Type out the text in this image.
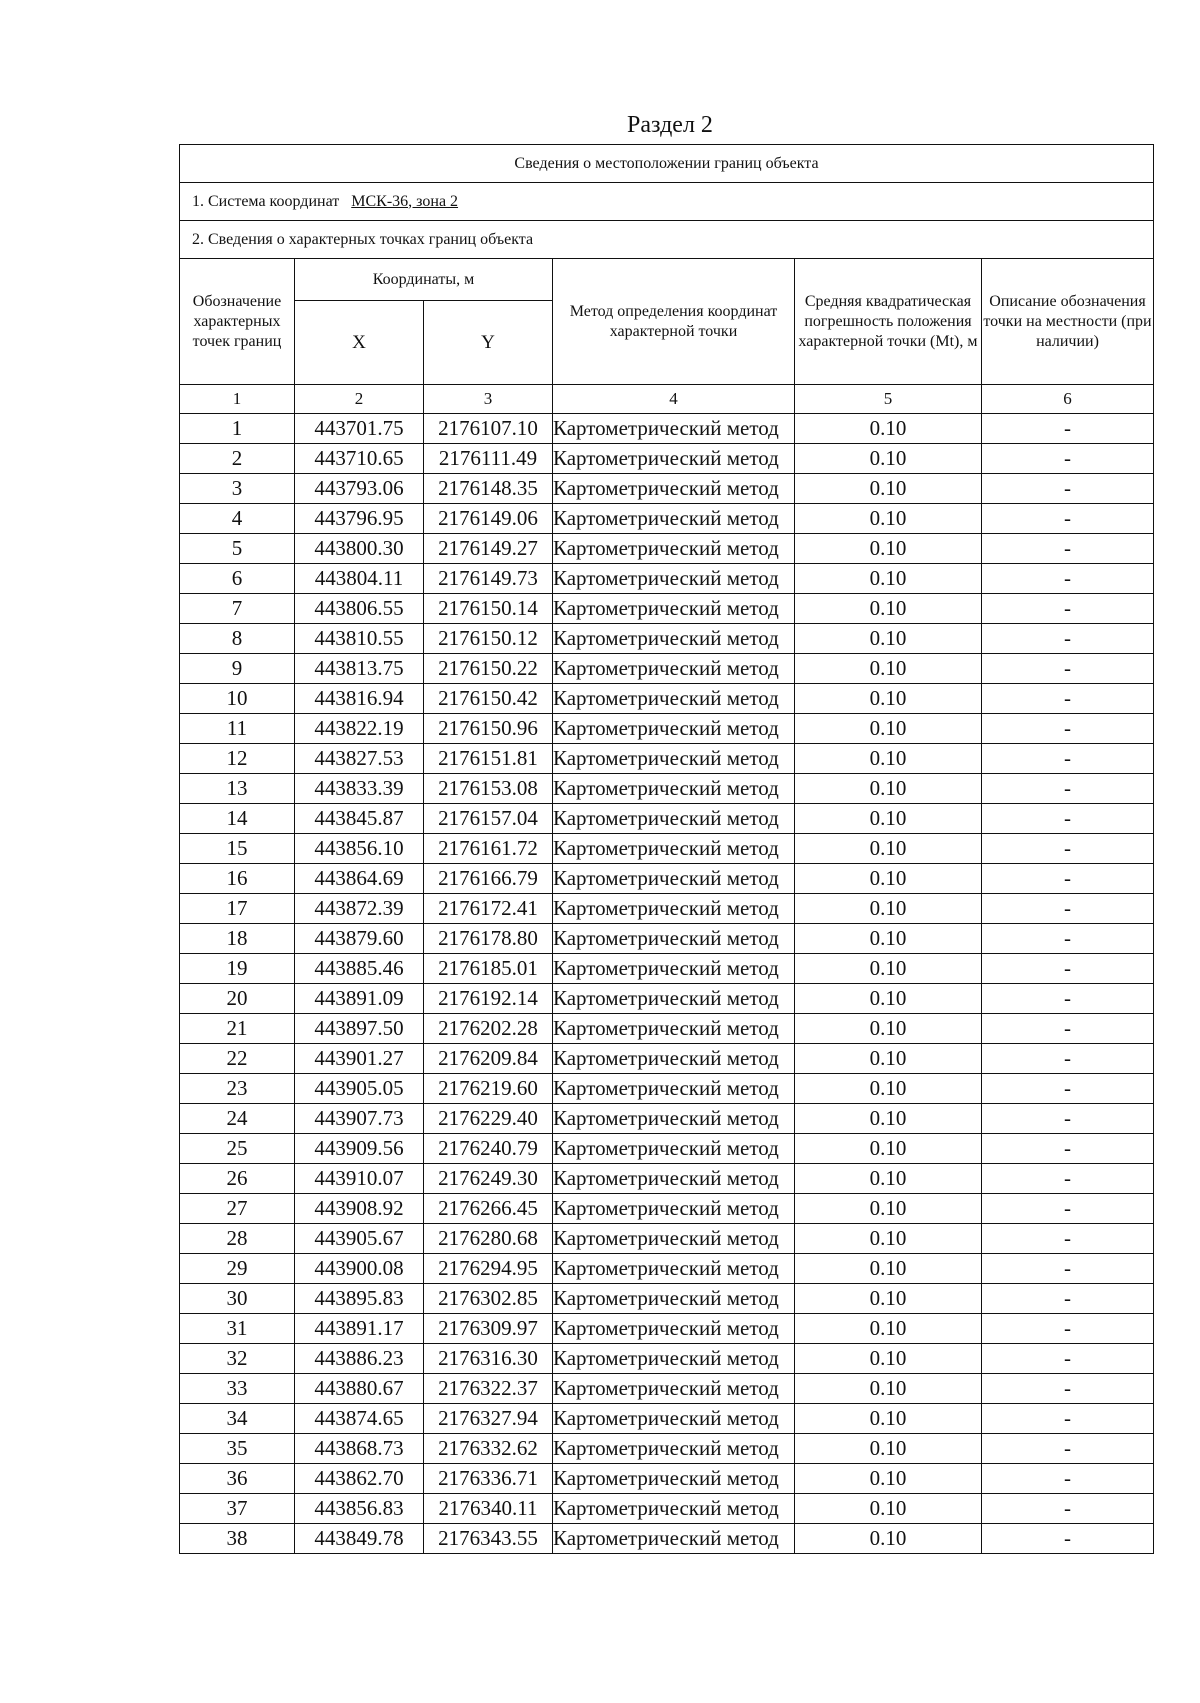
Раздел 2
Сведения о местоположении границ объекта					
1. Система координат МСК-36, зона 2					
2. Сведения о характерных точках границ объекта					
Обозначение характерных точек границ	Координаты, м		Метод определения координат характерной точки	Средняя квадратическая погрешность положения характерной точки (Mt), м	Описание обозначения точки на местности (при наличии)
	X	Y			
1	2	3	4	5	6
1	443701.75	2176107.10	Картометрический метод	0.10	-
2	443710.65	2176111.49	Картометрический метод	0.10	-
3	443793.06	2176148.35	Картометрический метод	0.10	-
4	443796.95	2176149.06	Картометрический метод	0.10	-
5	443800.30	2176149.27	Картометрический метод	0.10	-
6	443804.11	2176149.73	Картометрический метод	0.10	-
7	443806.55	2176150.14	Картометрический метод	0.10	-
8	443810.55	2176150.12	Картометрический метод	0.10	-
9	443813.75	2176150.22	Картометрический метод	0.10	-
10	443816.94	2176150.42	Картометрический метод	0.10	-
11	443822.19	2176150.96	Картометрический метод	0.10	-
12	443827.53	2176151.81	Картометрический метод	0.10	-
13	443833.39	2176153.08	Картометрический метод	0.10	-
14	443845.87	2176157.04	Картометрический метод	0.10	-
15	443856.10	2176161.72	Картометрический метод	0.10	-
16	443864.69	2176166.79	Картометрический метод	0.10	-
17	443872.39	2176172.41	Картометрический метод	0.10	-
18	443879.60	2176178.80	Картометрический метод	0.10	-
19	443885.46	2176185.01	Картометрический метод	0.10	-
20	443891.09	2176192.14	Картометрический метод	0.10	-
21	443897.50	2176202.28	Картометрический метод	0.10	-
22	443901.27	2176209.84	Картометрический метод	0.10	-
23	443905.05	2176219.60	Картометрический метод	0.10	-
24	443907.73	2176229.40	Картометрический метод	0.10	-
25	443909.56	2176240.79	Картометрический метод	0.10	-
26	443910.07	2176249.30	Картометрический метод	0.10	-
27	443908.92	2176266.45	Картометрический метод	0.10	-
28	443905.67	2176280.68	Картометрический метод	0.10	-
29	443900.08	2176294.95	Картометрический метод	0.10	-
30	443895.83	2176302.85	Картометрический метод	0.10	-
31	443891.17	2176309.97	Картометрический метод	0.10	-
32	443886.23	2176316.30	Картометрический метод	0.10	-
33	443880.67	2176322.37	Картометрический метод	0.10	-
34	443874.65	2176327.94	Картометрический метод	0.10	-
35	443868.73	2176332.62	Картометрический метод	0.10	-
36	443862.70	2176336.71	Картометрический метод	0.10	-
37	443856.83	2176340.11	Картометрический метод	0.10	-
38	443849.78	2176343.55	Картометрический метод	0.10	-
